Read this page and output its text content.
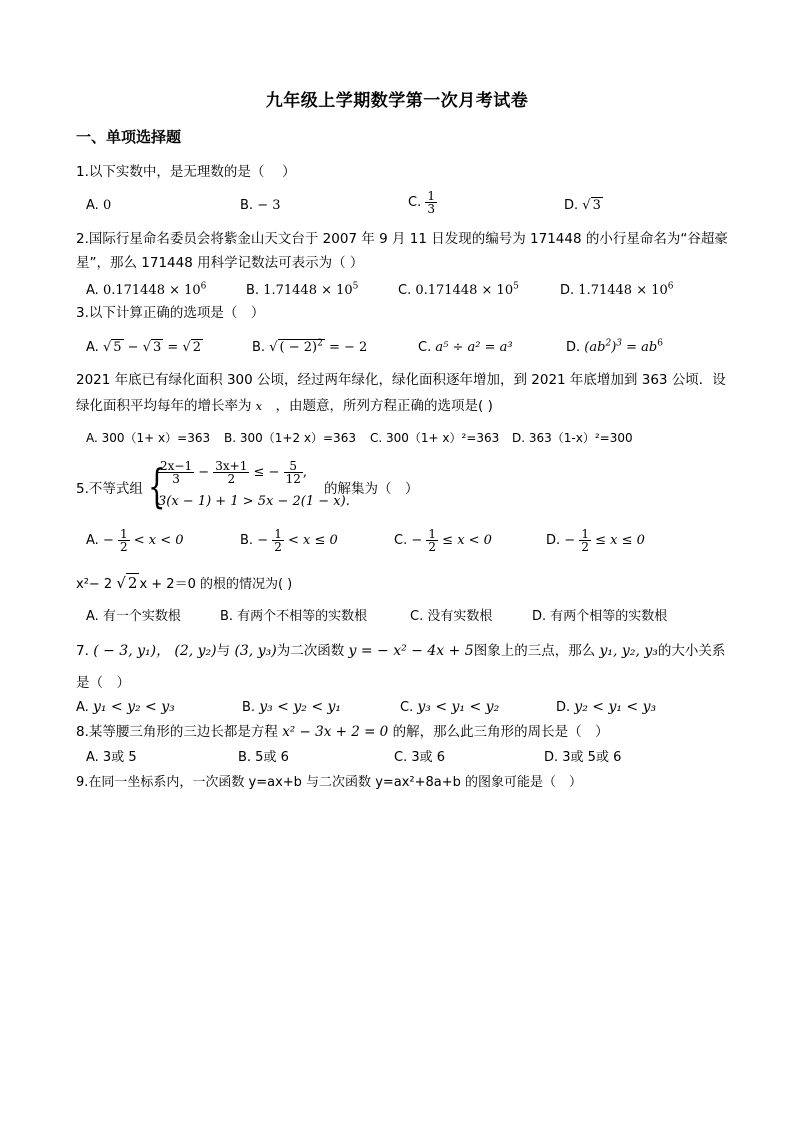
九年级上学期数学第一次月考试卷
一、单项选择题
1.以下实数中，是无理数的是（　 ）
A. 0	B. − 3	C. $\frac{1}{3}$	D. √ 3
2.国际行星命名委员会将紫金山天文台于 2007 年 9 月 11 日发现的编号为 171448 的小行星命名为“谷超豪
星”，那么 171448 用科学记数法可表示为（ ）
A. $0.171448 \times 10^6$	B. $1.71448 \times 10^5$	C. $0.171448 \times 10^5$	D. $1.71448 \times 10^6$
3.以下计算正确的选项是（　）
A. √ 5 − √ 3 = √ 2	B. √ ( − 2)$^2$ = − 2	C. a⁵ ÷ a² = a³	D. $(ab^2)^3 = ab^6$
2021 年底已有绿化面积 300 公顷，经过两年绿化，绿化面积逐年增加，到 2021 年底增加到 363 公顷．设
绿化面积平均每年的增长率为 x　 ，由题意，所列方程正确的选项是( )
A. 300（1+ x）=363 B. 300（1+2 x）=363 C. 300（1+ x）²=363 D. 363（1-x）²=300
5.不等式组 {
$\frac{2x-1}{3} - \frac{3x+1}{2}$ ≤ − $\frac{5}{12}$ ,
3(x − 1) + 1 > 5x − 2(1 − x).
的解集为（　）
A. − $\frac{1}{2} < x < 0$	B. − $\frac{1}{2} < x \le 0$	C. − $\frac{1}{2} \le x < 0$	D. − $\frac{1}{2} \le x \le 0$
x²− 2 √ 2 x + 2＝0 的根的情况为( )
A. 有一个实数根	B. 有两个不相等的实数根	C. 没有实数根	D. 有两个相等的实数根
7. ( − 3, y₁)， (2, y₂)与 (3, y₃)为二次函数 y = − x² − 4x + 5图象上的三点，那么 y₁, y₂, y₃的大小关系
是（　）
A. y₁ < y₂ < y₃	B. y₃ < y₂ < y₁	C. y₃ < y₁ < y₂	D. y₂ < y₁ < y₃
8.某等腰三角形的三边长都是方程 x² − 3x + 2 = 0 的解，那么此三角形的周长是（　）
A. 3或 5	B. 5或 6	C. 3或 6	D. 3或 5或 6
9.在同一坐标系内，一次函数 y=ax+b 与二次函数 y=ax²+8a+b 的图象可能是（　）
